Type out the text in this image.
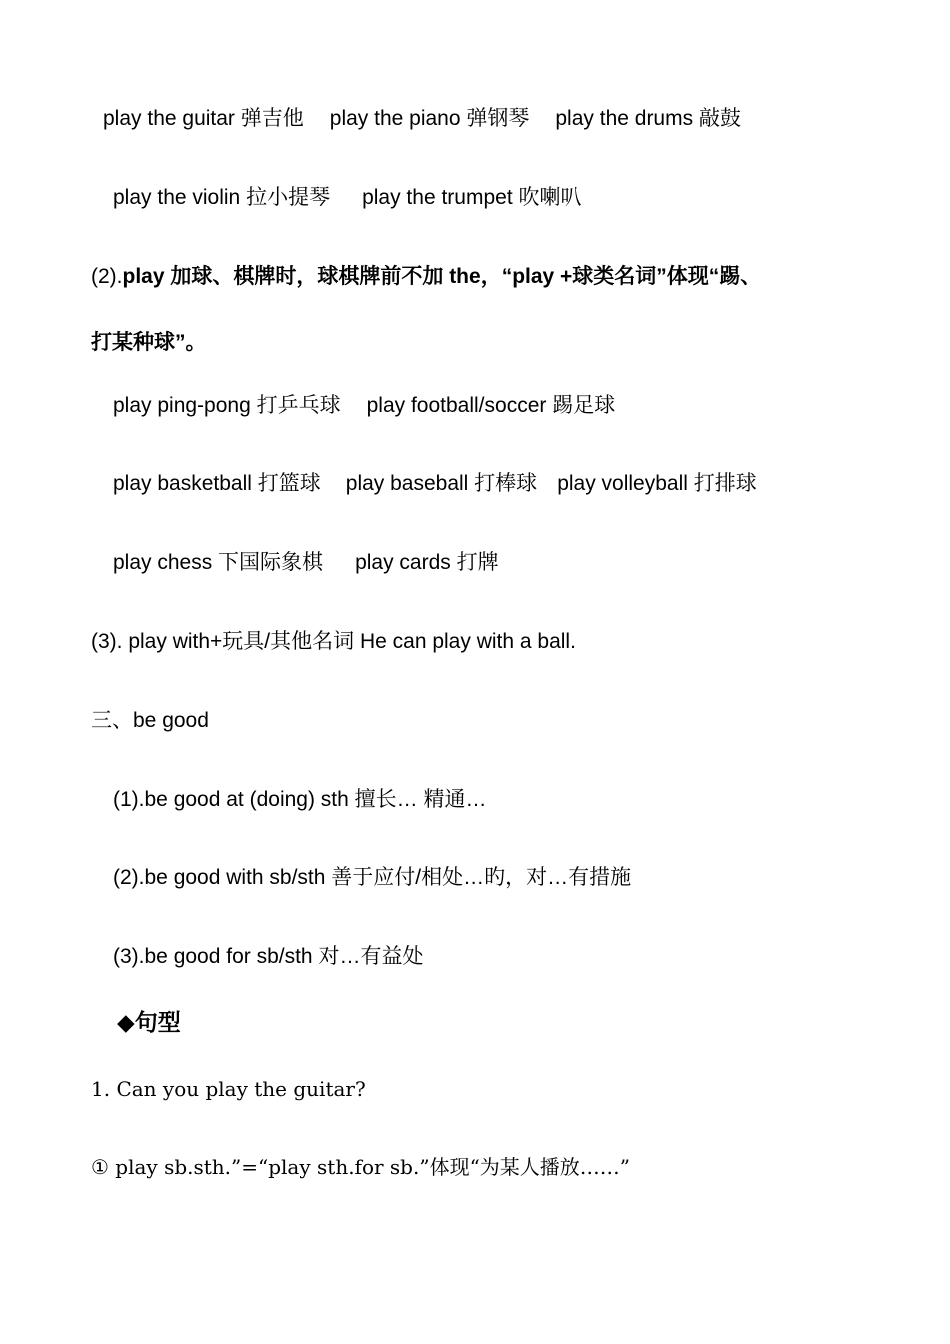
play the guitar 弹吉他 play the piano 弹钢琴 play the drums 敲鼓
play the violin 拉小提琴 play the trumpet 吹喇叭
(2).play 加球、棋牌时，球棋牌前不加 the，“play +球类名词”体现“踢、
打某种球”。
play ping-pong 打乒乓球 play football/soccer 踢足球
play basketball 打篮球 play baseball 打棒球 play volleyball 打排球
play chess 下国际象棋 play cards 打牌
(3). play with+玩具/其他名词 He can play with a ball.
三、be good
(1).be good at (doing) sth 擅长… 精通…
(2).be good with sb/sth 善于应付/相处…旳，对…有措施
(3).be good for sb/sth 对…有益处
◆句型
1. Can you play the guitar?
① play sb.sth.”=“play sth.for sb.”体现“为某人播放……”
